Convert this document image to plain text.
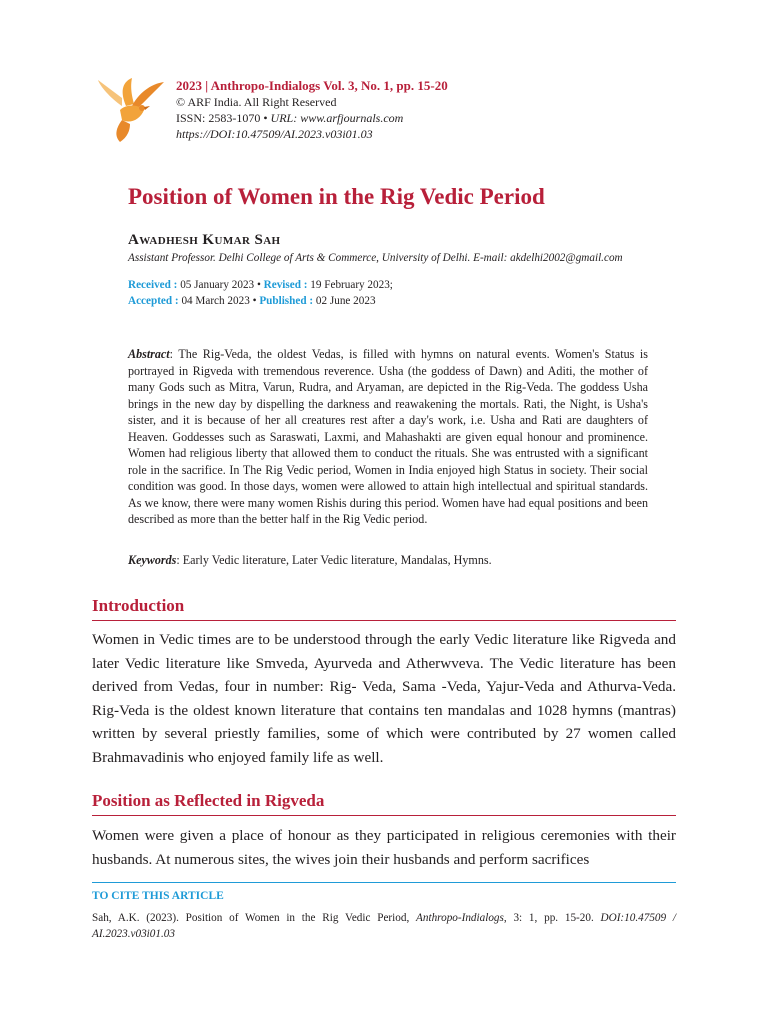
2023 | Anthropo-Indialogs Vol. 3, No. 1, pp. 15-20
© ARF India. All Right Reserved
ISSN: 2583-1070 • URL: www.arfjournals.com
https://DOI:10.47509/AI.2023.v03i01.03
Position of Women in the Rig Vedic Period
Awadhesh Kumar Sah
Assistant Professor. Delhi College of Arts & Commerce, University of Delhi. E-mail: akdelhi2002@gmail.com
Received : 05 January 2023 • Revised : 19 February 2023;
Accepted : 04 March 2023 • Published : 02 June 2023

Abstract: The Rig-Veda, the oldest Vedas, is filled with hymns on natural events. Women's Status is portrayed in Rigveda with tremendous reverence. Usha (the goddess of Dawn) and Aditi, the mother of many Gods such as Mitra, Varun, Rudra, and Aryaman, are depicted in the Rig-Veda. The goddess Usha brings in the new day by dispelling the darkness and reawakening the mortals. Rati, the Night, is Usha's sister, and it is because of her all creatures rest after a day's work, i.e. Usha and Rati are daughters of Heaven. Goddesses such as Saraswati, Laxmi, and Mahashakti are given equal honour and prominence. Women had religious liberty that allowed them to conduct the rituals. She was entrusted with a significant role in the sacrifice. In The Rig Vedic period, Women in India enjoyed high Status in society. Their social condition was good. In those days, women were allowed to attain high intellectual and spiritual standards. As we know, there were many women Rishis during this period. Women have had equal positions and been described as more than the better half in the Rig Vedic period.

Keywords: Early Vedic literature, Later Vedic literature, Mandalas, Hymns.

Introduction

Women in Vedic times are to be understood through the early Vedic literature like Rigveda and later Vedic literature like Smveda, Ayurveda and Atherwveva. The Vedic literature has been derived from Vedas, four in number: Rig- Veda, Sama -Veda, Yajur-Veda and Athurva-Veda. Rig-Veda is the oldest known literature that contains ten mandalas and 1028 hymns (mantras) written by several priestly families, some of which were contributed by 27 women called Brahmavadinis who enjoyed family life as well.

Position as Reflected in Rigveda

Women were given a place of honour as they participated in religious ceremonies with their husbands. At numerous sites, the wives join their husbands and perform sacrifices

TO CITE THIS ARTICLE

Sah, A.K. (2023). Position of Women in the Rig Vedic Period, Anthropo-Indialogs, 3: 1, pp. 15-20. DOI:10.47509 / AI.2023.v03i01.03
